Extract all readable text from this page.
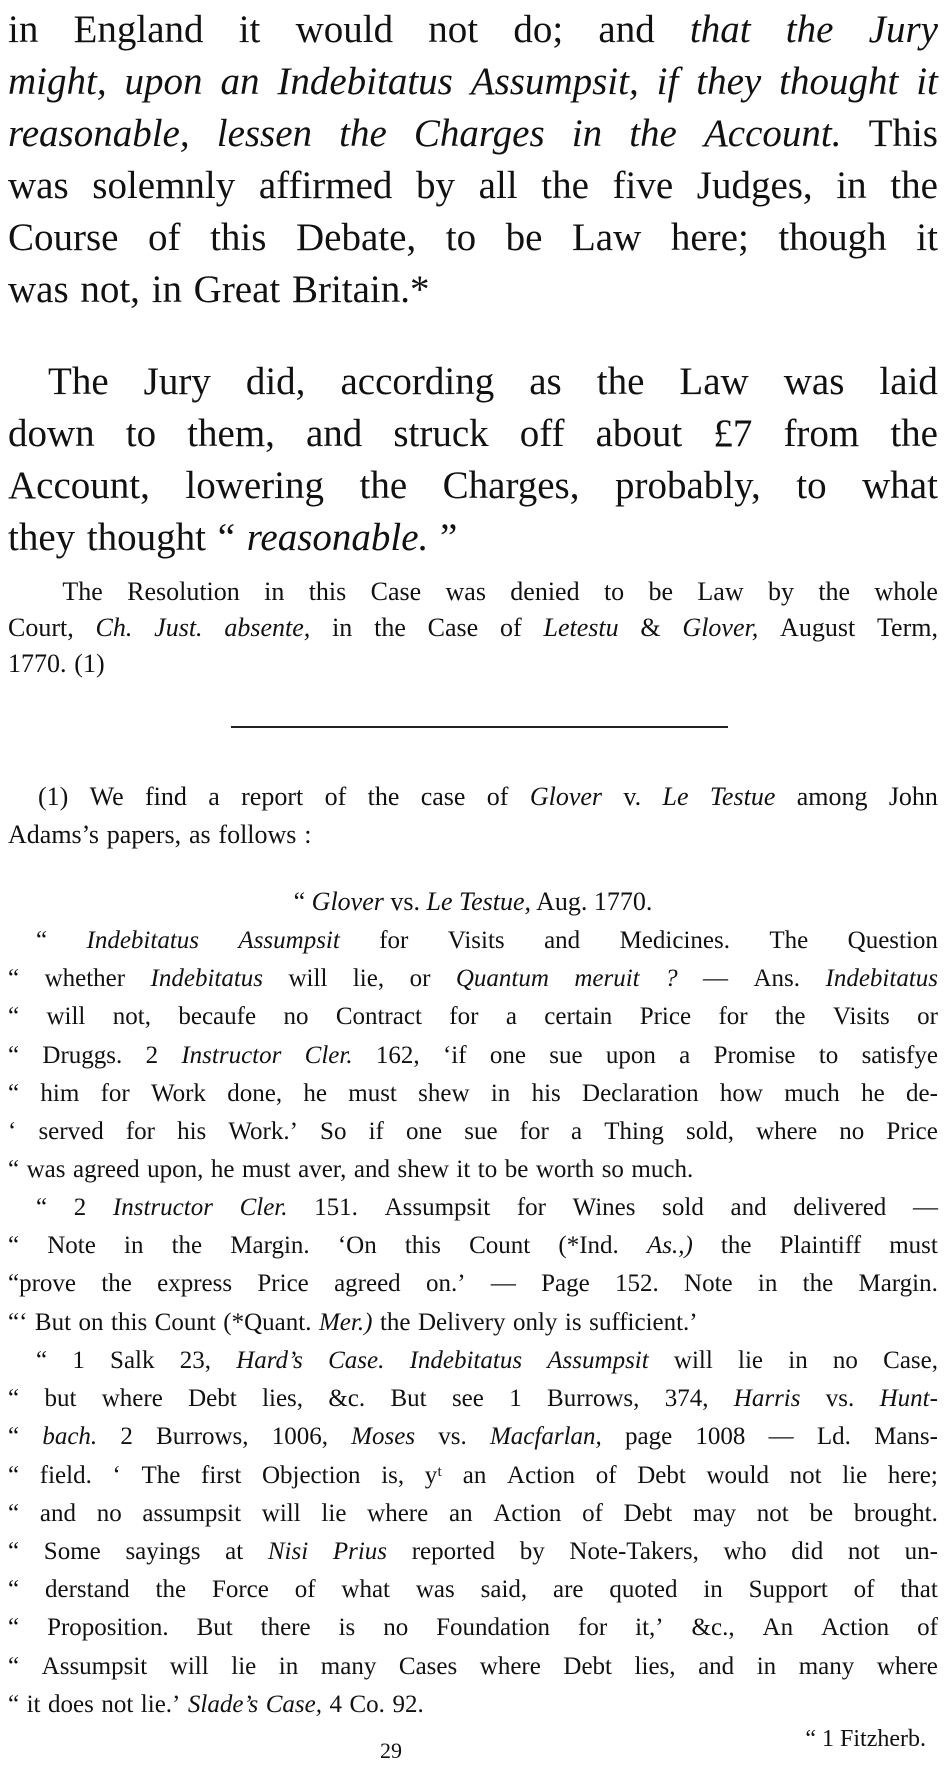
in England it would not do; and that the Jury
might, upon an Indebitatus Assumpsit, if they thought it
reasonable, lessen the Charges in the Account. This
was solemnly affirmed by all the five Judges, in the
Course of this Debate, to be Law here; though it
was not, in Great Britain.*
The Jury did, according as the Law was laid
down to them, and struck off about £7 from the
Account, lowering the Charges, probably, to what
they thought “ reasonable. ”
The Resolution in this Case was denied to be Law by the whole
Court, Ch. Just. absente, in the Case of Letestu & Glover, August Term,
1770. (1)
(1) We find a report of the case of Glover v. Le Testue among John
Adams’s papers, as follows :
“ Glover vs. Le Testue, Aug. 1770.
“ Indebitatus Assumpsit for Visits and Medicines. The Question
“ whether Indebitatus will lie, or Quantum meruit ? — Ans. Indebitatus
“ will not, becaufe no Contract for a certain Price for the Visits or
“ Druggs. 2 Instructor Cler. 162, ‘if one sue upon a Promise to satisfye
“ him for Work done, he must shew in his Declaration how much he de-
‘ served for his Work.’ So if one sue for a Thing sold, where no Price
“ was agreed upon, he must aver, and shew it to be worth so much.
“ 2 Instructor Cler. 151. Assumpsit for Wines sold and delivered —
“ Note in the Margin. ‘On this Count (*Ind. As.,) the Plaintiff must
“prove the express Price agreed on.’ — Page 152. Note in the Margin.
“‘ But on this Count (*Quant. Mer.) the Delivery only is sufficient.’
“ 1 Salk 23, Hard’s Case. Indebitatus Assumpsit will lie in no Case,
“ but where Debt lies, &c. But see 1 Burrows, 374, Harris vs. Hunt-
“ bach. 2 Burrows, 1006, Moses vs. Macfarlan, page 1008 — Ld. Mans-
“ field. ‘ The first Objection is, yᵗ an Action of Debt would not lie here;
“ and no assumpsit will lie where an Action of Debt may not be brought.
“ Some sayings at Nisi Prius reported by Note-Takers, who did not un-
“ derstand the Force of what was said, are quoted in Support of that
“ Proposition. But there is no Foundation for it,’ &c., An Action of
“ Assumpsit will lie in many Cases where Debt lies, and in many where
“ it does not lie.’ Slade’s Case, 4 Co. 92.
“ 1 Fitzherb.
29
